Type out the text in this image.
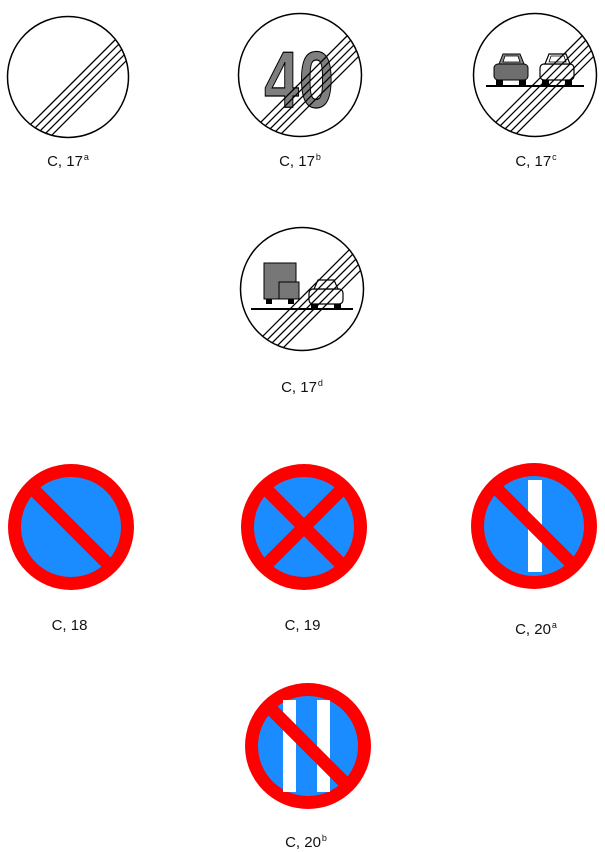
C, 17$^a$
40
C, 17$^b$	C, 17$^c$
C, 17$^d$
C, 18	C, 19	C, 20$^a$
C, 20$^b$
